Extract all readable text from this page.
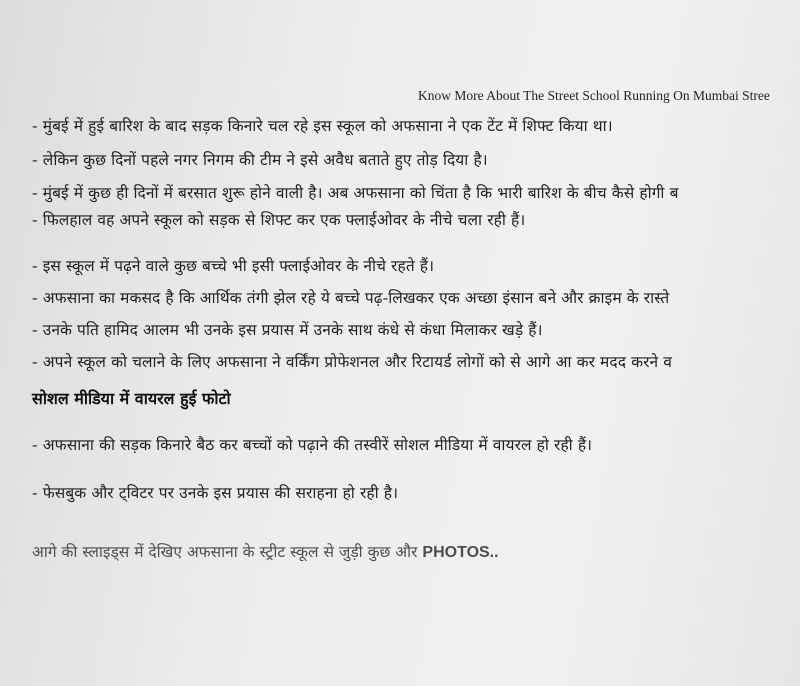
Know More About The Street School Running On Mumbai Stree
- मुंबई में हुई बारिश के बाद सड़क किनारे चल रहे इस स्कूल को अफसाना ने एक टेंट में शिफ्ट किया था।
- लेकिन कुछ दिनों पहले नगर निगम की टीम ने इसे अवैध बताते हुए तोड़ दिया है।
- मुंबई में कुछ ही दिनों में बरसात शुरू होने वाली है। अब अफसाना को चिंता है कि भारी बारिश के बीच कैसे होगी ब
- फिलहाल वह अपने स्कूल को सड़क से शिफ्ट कर एक फ्लाईओवर के नीचे चला रही हैं।
- इस स्कूल में पढ़ने वाले कुछ बच्चे भी इसी फ्लाईओवर के नीचे रहते हैं।
- अफसाना का मकसद है कि आर्थिक तंगी झेल रहे ये बच्चे पढ़-लिखकर एक अच्छा इंसान बने और क्राइम के रास्ते
- उनके पति हामिद आलम भी उनके इस प्रयास में उनके साथ कंधे से कंधा मिलाकर खड़े हैं।
- अपने स्कूल को चलाने के लिए अफसाना ने वर्किंग प्रोफेशनल और रिटायर्ड लोगों को से आगे आ कर मदद करने व
सोशल मीडिया में वायरल हुई फोटो
- अफसाना की सड़क किनारे बैठ कर बच्चों को पढ़ाने की तस्वीरें सोशल मीडिया में वायरल हो रही हैं।
- फेसबुक और ट्विटर पर उनके इस प्रयास की सराहना हो रही है।
आगे की स्लाइड्स में देखिए अफसाना के स्ट्रीट स्कूल से जुड़ी कुछ और PHOTOS..
